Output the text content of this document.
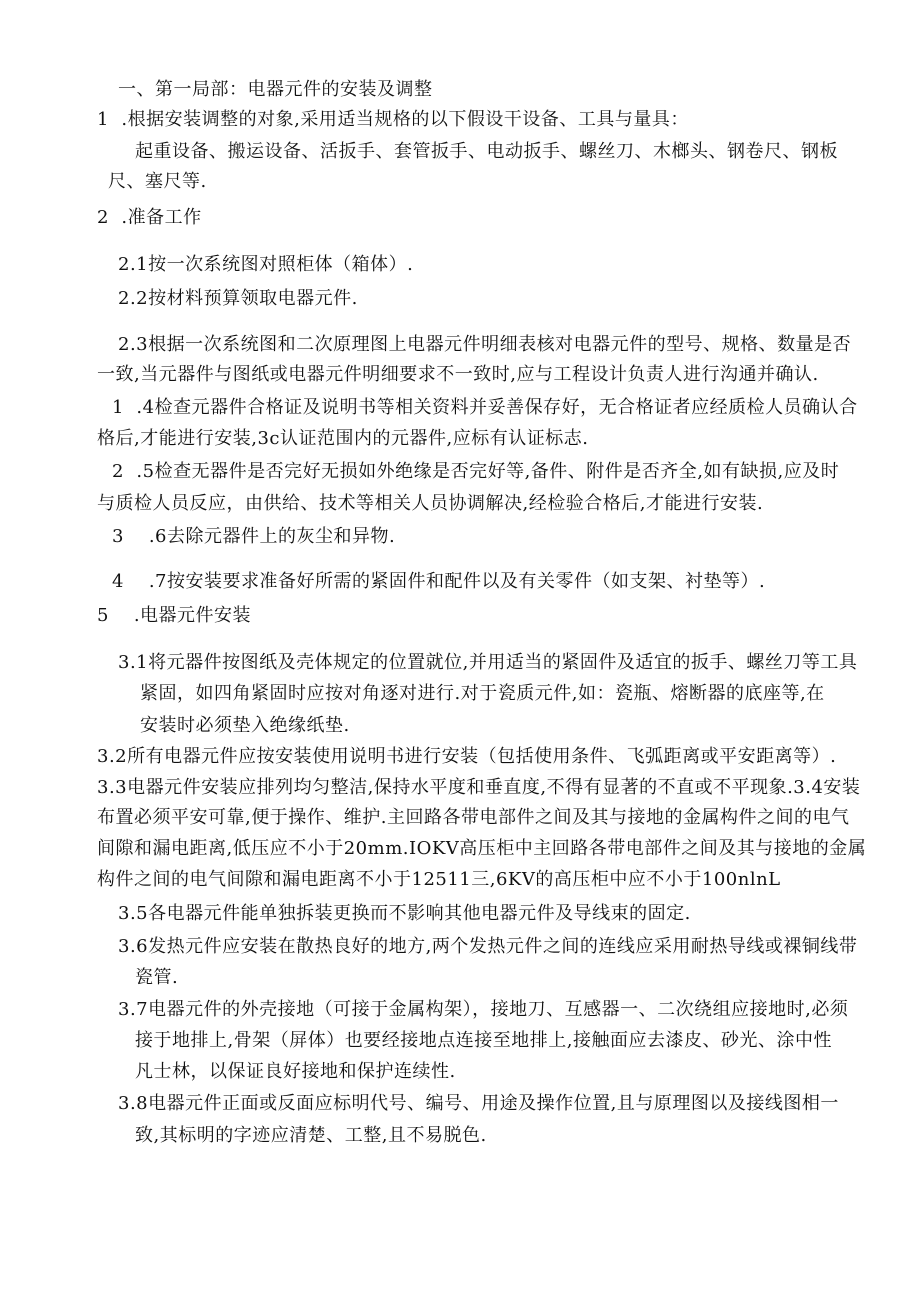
一、第一局部：电器元件的安装及调整
1  .根据安装调整的对象,采用适当规格的以下假设干设备、工具与量具：
起重设备、搬运设备、活扳手、套管扳手、电动扳手、螺丝刀、木榔头、钢卷尺、钢板
尺、塞尺等.
2  .准备工作
2.1按一次系统图对照柜体（箱体）.
2.2按材料预算领取电器元件.
2.3根据一次系统图和二次原理图上电器元件明细表核对电器元件的型号、规格、数量是否
一致,当元器件与图纸或电器元件明细要求不一致时,应与工程设计负责人进行沟通并确认.
1  .4检查元器件合格证及说明书等相关资料并妥善保存好，无合格证者应经质检人员确认合
格后,才能进行安装,3c认证范围内的元器件,应标有认证标志.
2  .5检查无器件是否完好无损如外绝缘是否完好等,备件、附件是否齐全,如有缺损,应及时
与质检人员反应，由供给、技术等相关人员协调解决,经检验合格后,才能进行安装.
3    .6去除元器件上的灰尘和异物.
4    .7按安装要求准备好所需的紧固件和配件以及有关零件（如支架、衬垫等）.
5    .电器元件安装
3.1将元器件按图纸及壳体规定的位置就位,并用适当的紧固件及适宜的扳手、螺丝刀等工具
紧固，如四角紧固时应按对角逐对进行.对于瓷质元件,如：瓷瓶、熔断器的底座等,在
安装时必须垫入绝缘纸垫.
3.2所有电器元件应按安装使用说明书进行安装（包括使用条件、飞弧距离或平安距离等）.
3.3电器元件安装应排列均匀整洁,保持水平度和垂直度,不得有显著的不直或不平现象.3.4安装
布置必须平安可靠,便于操作、维护.主回路各带电部件之间及其与接地的金属构件之间的电气
间隙和漏电距离,低压应不小于20mm.IOKV高压柜中主回路各带电部件之间及其与接地的金属
构件之间的电气间隙和漏电距离不小于12511三,6KV的高压柜中应不小于100nlnL
3.5各电器元件能单独拆装更换而不影响其他电器元件及导线束的固定.
3.6发热元件应安装在散热良好的地方,两个发热元件之间的连线应采用耐热导线或裸铜线带
瓷管.
3.7电器元件的外壳接地（可接于金属构架），接地刀、互感器一、二次绕组应接地时,必须
接于地排上,骨架（屏体）也要经接地点连接至地排上,接触面应去漆皮、砂光、涂中性
凡士林，以保证良好接地和保护连续性.
3.8电器元件正面或反面应标明代号、编号、用途及操作位置,且与原理图以及接线图相一
致,其标明的字迹应清楚、工整,且不易脱色.
